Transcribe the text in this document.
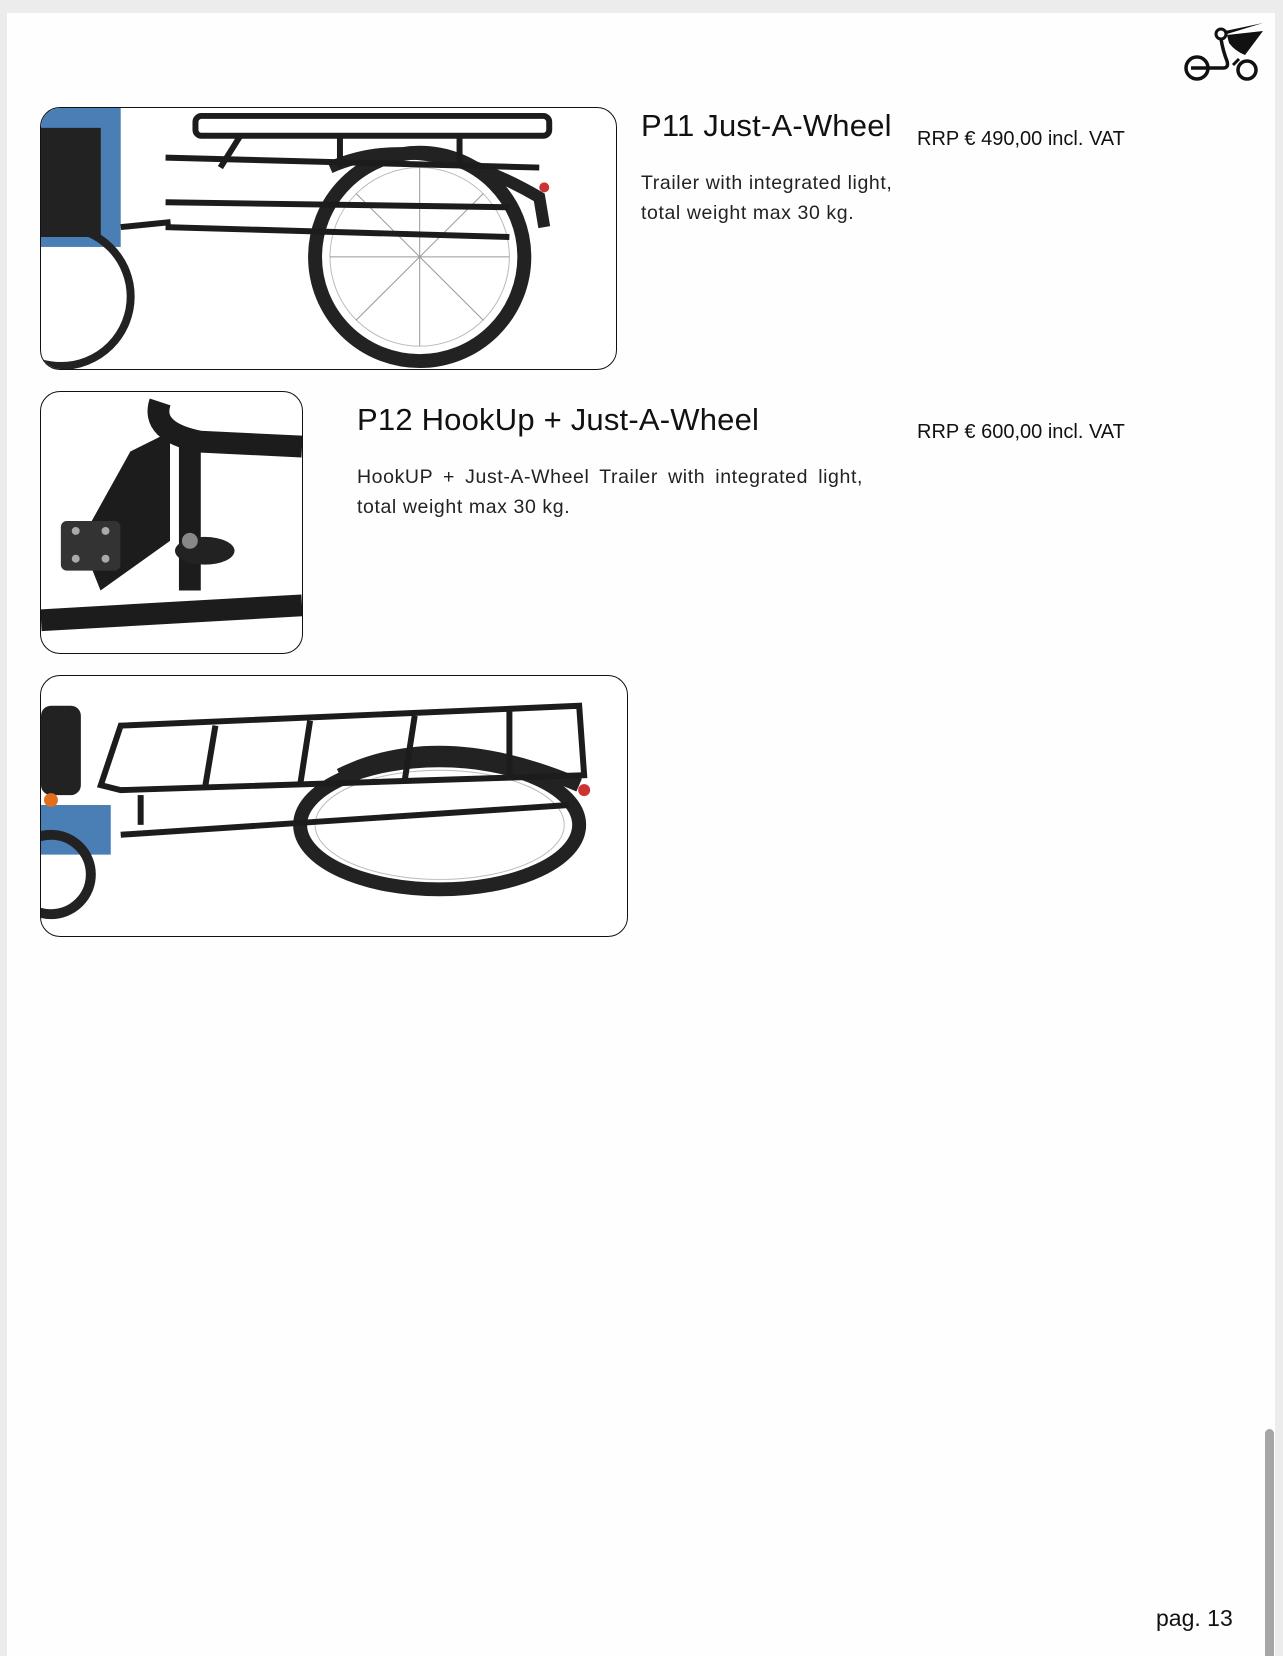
P11 Just-A-Wheel RRP € 490,00 incl. VAT
Trailer with integrated light, total weight max 30 kg.
P12 HookUp + Just-A-Wheel	RRP € 600,00 incl. VAT
HookUP + Just-A-Wheel Trailer with integrated light, total weight max 30 kg.
pag. 13
